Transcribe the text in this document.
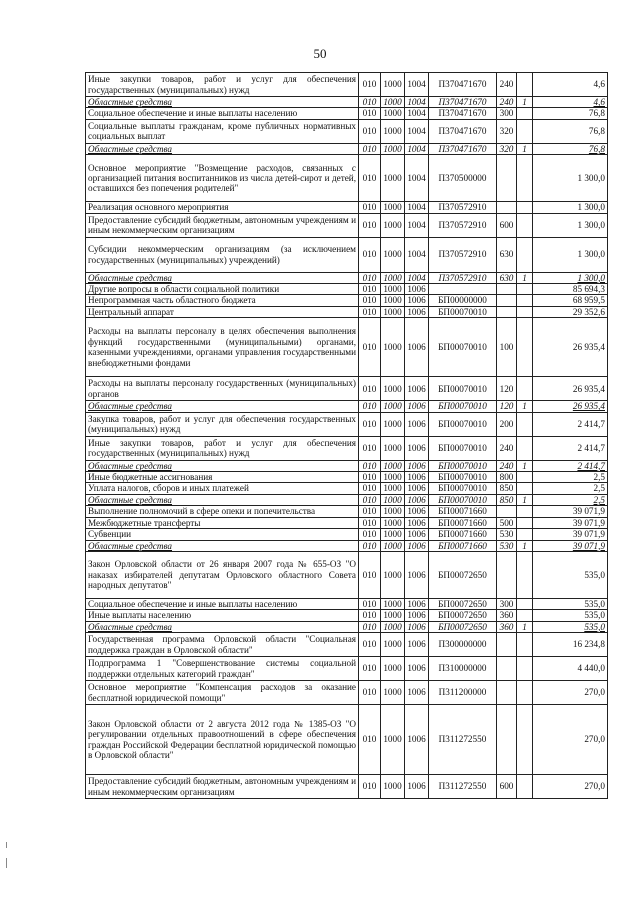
50
Иные закупки товаров, работ и услуг для обеспечения государственных (муниципальных) нужд	010	1000	1004	П370471670	240		4,6
Областные средства	010	1000	1004	П370471670	240	1	4,6
Социальное обеспечение и иные выплаты населению	010	1000	1004	П370471670	300		76,8
Социальные выплаты гражданам, кроме публичных нормативных социальных выплат	010	1000	1004	П370471670	320		76,8
Областные средства	010	1000	1004	П370471670	320	1	76,8
Основное мероприятие "Возмещение расходов, связанных с организацией питания воспитанников из числа детей-сирот и детей, оставшихся без попечения родителей"	010	1000	1004	П370500000			1 300,0
Реализация основного мероприятия	010	1000	1004	П370572910			1 300,0
Предоставление субсидий бюджетным, автономным учреждениям и иным некоммерческим организациям	010	1000	1004	П370572910	600		1 300,0
Субсидии некоммерческим организациям (за исключением государственных (муниципальных) учреждений)	010	1000	1004	П370572910	630		1 300,0
Областные средства	010	1000	1004	П370572910	630	1	1 300,0
Другие вопросы в области социальной политики	010	1000	1006				85 694,3
Непрограммная часть областного бюджета	010	1000	1006	БП00000000			68 959,5
Центральный аппарат	010	1000	1006	БП00070010			29 352,6
Расходы на выплаты персоналу в целях обеспечения выполнения функций государственными (муниципальными) органами, казенными учреждениями, органами управления государственными внебюджетными фондами	010	1000	1006	БП00070010	100		26 935,4
Расходы на выплаты персоналу государственных (муниципальных) органов	010	1000	1006	БП00070010	120		26 935,4
Областные средства	010	1000	1006	БП00070010	120	1	26 935,4
Закупка товаров, работ и услуг для обеспечения государственных (муниципальных) нужд	010	1000	1006	БП00070010	200		2 414,7
Иные закупки товаров, работ и услуг для обеспечения государственных (муниципальных) нужд	010	1000	1006	БП00070010	240		2 414,7
Областные средства	010	1000	1006	БП00070010	240	1	2 414,7
Иные бюджетные ассигнования	010	1000	1006	БП00070010	800		2,5
Уплата налогов, сборов и иных платежей	010	1000	1006	БП00070010	850		2,5
Областные средства	010	1000	1006	БП00070010	850	1	2,5
Выполнение полномочий в сфере опеки и попечительства	010	1000	1006	БП00071660			39 071,9
Межбюджетные трансферты	010	1000	1006	БП00071660	500		39 071,9
Субвенции	010	1000	1006	БП00071660	530		39 071,9
Областные средства	010	1000	1006	БП00071660	530	1	39 071,9
Закон Орловской области от 26 января 2007 года № 655-ОЗ "О наказах избирателей депутатам Орловского областного Совета народных депутатов"	010	1000	1006	БП00072650			535,0
Социальное обеспечение и иные выплаты населению	010	1000	1006	БП00072650	300		535,0
Иные выплаты населению	010	1000	1006	БП00072650	360		535,0
Областные средства	010	1000	1006	БП00072650	360	1	535,0
Государственная программа Орловской области "Социальная поддержка граждан в Орловской области"	010	1000	1006	П300000000			16 234,8
Подпрограмма 1 "Совершенствование системы социальной поддержки отдельных категорий граждан"	010	1000	1006	П310000000			4 440,0
Основное мероприятие "Компенсация расходов за оказание бесплатной юридической помощи"	010	1000	1006	П311200000			270,0
Закон Орловской области от 2 августа 2012 года № 1385-ОЗ "О регулировании отдельных правоотношений в сфере обеспечения граждан Российской Федерации бесплатной юридической помощью в Орловской области"	010	1000	1006	П311272550			270,0
Предоставление субсидий бюджетным, автономным учреждениям и иным некоммерческим организациям	010	1000	1006	П311272550	600		270,0
